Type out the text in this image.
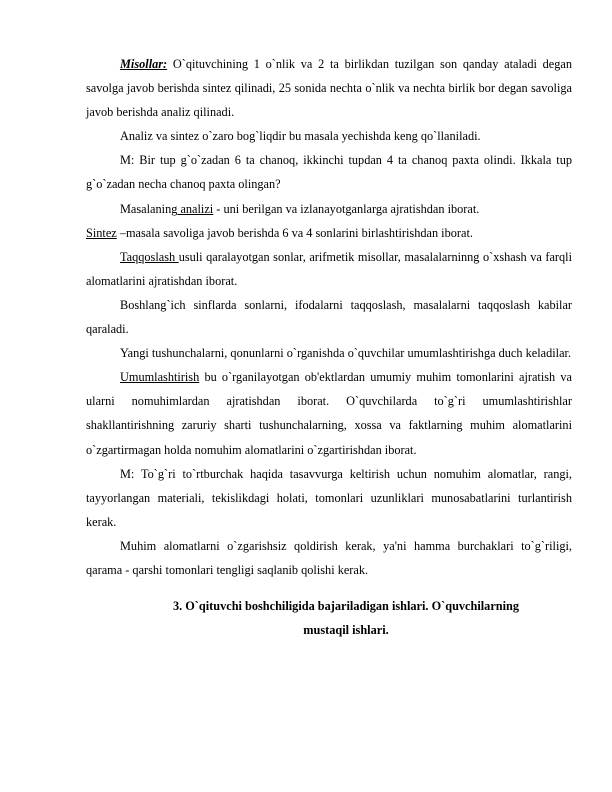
Misollar: O`qituvchining 1 o`nlik va 2 ta birlikdan tuzilgan son qanday ataladi degan savolga javob berishda sintez qilinadi, 25 sonida nechta o`nlik va nechta birlik bor degan savoliga javob berishda analiz qilinadi.

Analiz va sintez o`zaro bog`liqdir bu masala yechishda keng qo`llaniladi.

M: Bir tup g`o`zadan 6 ta chanoq, ikkinchi tupdan 4 ta chanoq paxta olindi. Ikkala tup g`o`zadan necha chanoq paxta olingan?

Masalaning analizi - uni berilgan va izlanayotganlarga ajratishdan iborat.

Sintez –masala savoliga javob berishda 6 va 4 sonlarini birlashtirishdan iborat.

Taqqoslash usuli qaralayotgan sonlar, arifmetik misollar, masalalarninng o`xshash va farqli alomatlarini ajratishdan iborat.

Boshlang`ich sinflarda sonlarni, ifodalarni taqqoslash, masalalarni taqqoslash kabilar qaraladi.

Yangi tushunchalarni, qonunlarni o`rganishda o`quvchilar umumlashtirishga duch keladilar.

Umumlashtirish bu o`rganilayotgan ob'ektlardan umumiy muhim tomonlarini ajratish va ularni nomuhimlardan ajratishdan iborat. O`quvchilarda to`g`ri umumlashtirishlar shakllantirishning zaruriy sharti tushunchalarning, xossa va faktlarning muhim alomatlarini o`zgartirmagan holda nomuhim alomatlarini o`zgartirishdan iborat.

M: To`g`ri to`rtburchak haqida tasavvurga keltirish uchun nomuhim alomatlar, rangi, tayyorlangan materiali, tekislikdagi holati, tomonlari uzunliklari munosabatlarini turlantirish kerak.

Muhim alomatlarni o`zgarishsiz qoldirish kerak, ya'ni hamma burchaklari to`g`riligi, qarama - qarshi tomonlari tengligi saqlanib qolishi kerak.

3. O`qituvchi boshchiligida bajariladigan ishlari. O`quvchilarning
mustaqil ishlari.
